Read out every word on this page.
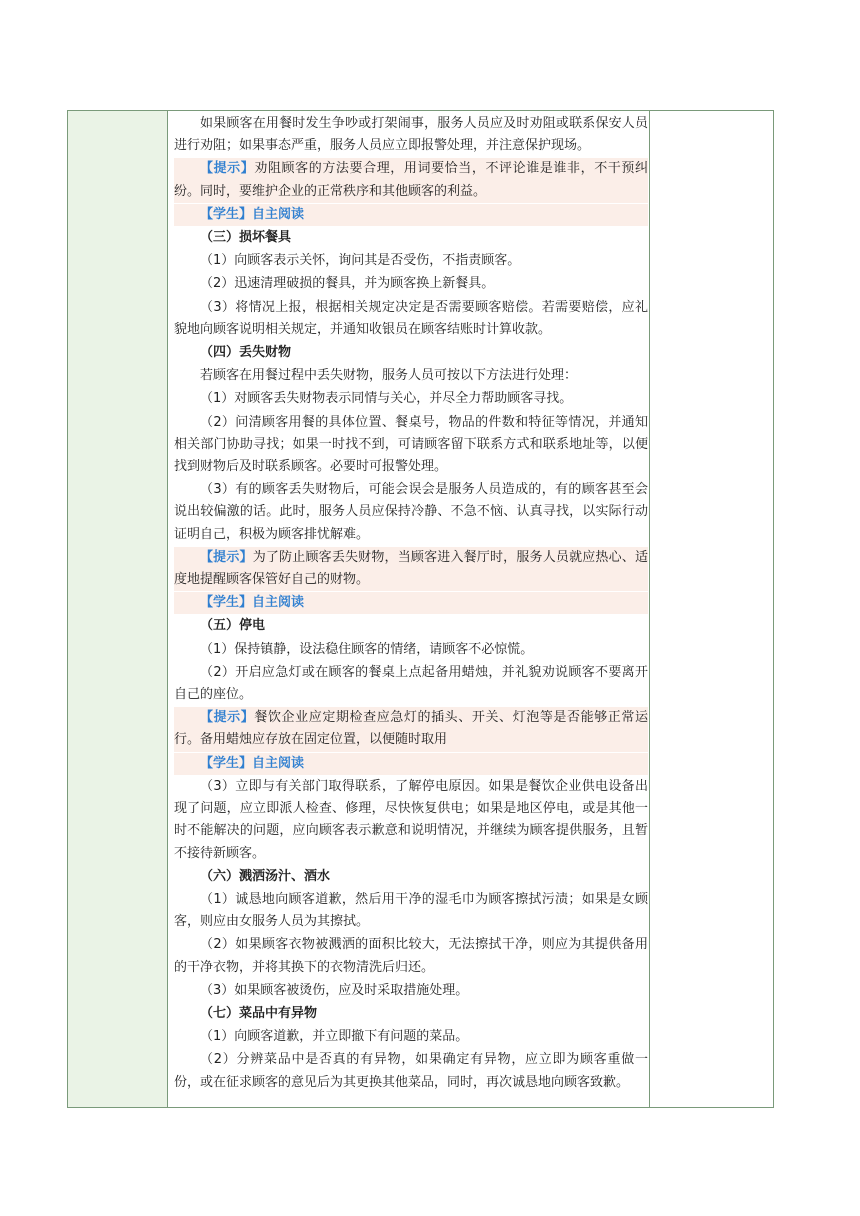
如果顾客在用餐时发生争吵或打架闹事，服务人员应及时劝阻或联系保安人员进行劝阻；如果事态严重，服务人员应立即报警处理，并注意保护现场。

【提示】劝阻顾客的方法要合理，用词要恰当，不评论谁是谁非，不干预纠纷。同时，要维护企业的正常秩序和其他顾客的利益。

【学生】自主阅读

（三）损坏餐具

（1）向顾客表示关怀，询问其是否受伤，不指责顾客。

（2）迅速清理破损的餐具，并为顾客换上新餐具。

（3）将情况上报，根据相关规定决定是否需要顾客赔偿。若需要赔偿，应礼貌地向顾客说明相关规定，并通知收银员在顾客结账时计算收款。

（四）丢失财物

若顾客在用餐过程中丢失财物，服务人员可按以下方法进行处理：

（1）对顾客丢失财物表示同情与关心，并尽全力帮助顾客寻找。

（2）问清顾客用餐的具体位置、餐桌号，物品的件数和特征等情况，并通知相关部门协助寻找；如果一时找不到，可请顾客留下联系方式和联系地址等，以便找到财物后及时联系顾客。必要时可报警处理。

（3）有的顾客丢失财物后，可能会误会是服务人员造成的，有的顾客甚至会说出较偏激的话。此时，服务人员应保持冷静、不急不恼、认真寻找，以实际行动证明自己，积极为顾客排忧解难。

【提示】为了防止顾客丢失财物，当顾客进入餐厅时，服务人员就应热心、适度地提醒顾客保管好自己的财物。

【学生】自主阅读

（五）停电

（1）保持镇静，设法稳住顾客的情绪，请顾客不必惊慌。

（2）开启应急灯或在顾客的餐桌上点起备用蜡烛，并礼貌劝说顾客不要离开自己的座位。

【提示】餐饮企业应定期检查应急灯的插头、开关、灯泡等是否能够正常运行。备用蜡烛应存放在固定位置，以便随时取用

【学生】自主阅读

（3）立即与有关部门取得联系，了解停电原因。如果是餐饮企业供电设备出现了问题，应立即派人检查、修理，尽快恢复供电；如果是地区停电，或是其他一时不能解决的问题，应向顾客表示歉意和说明情况，并继续为顾客提供服务，且暂不接待新顾客。

（六）溅洒汤汁、酒水

（1）诚恳地向顾客道歉，然后用干净的湿毛巾为顾客擦拭污渍；如果是女顾客，则应由女服务人员为其擦拭。

（2）如果顾客衣物被溅洒的面积比较大，无法擦拭干净，则应为其提供备用的干净衣物，并将其换下的衣物清洗后归还。

（3）如果顾客被烫伤，应及时采取措施处理。

（七）菜品中有异物

（1）向顾客道歉，并立即撤下有问题的菜品。

（2）分辨菜品中是否真的有异物，如果确定有异物，应立即为顾客重做一份，或在征求顾客的意见后为其更换其他菜品，同时，再次诚恳地向顾客致歉。
